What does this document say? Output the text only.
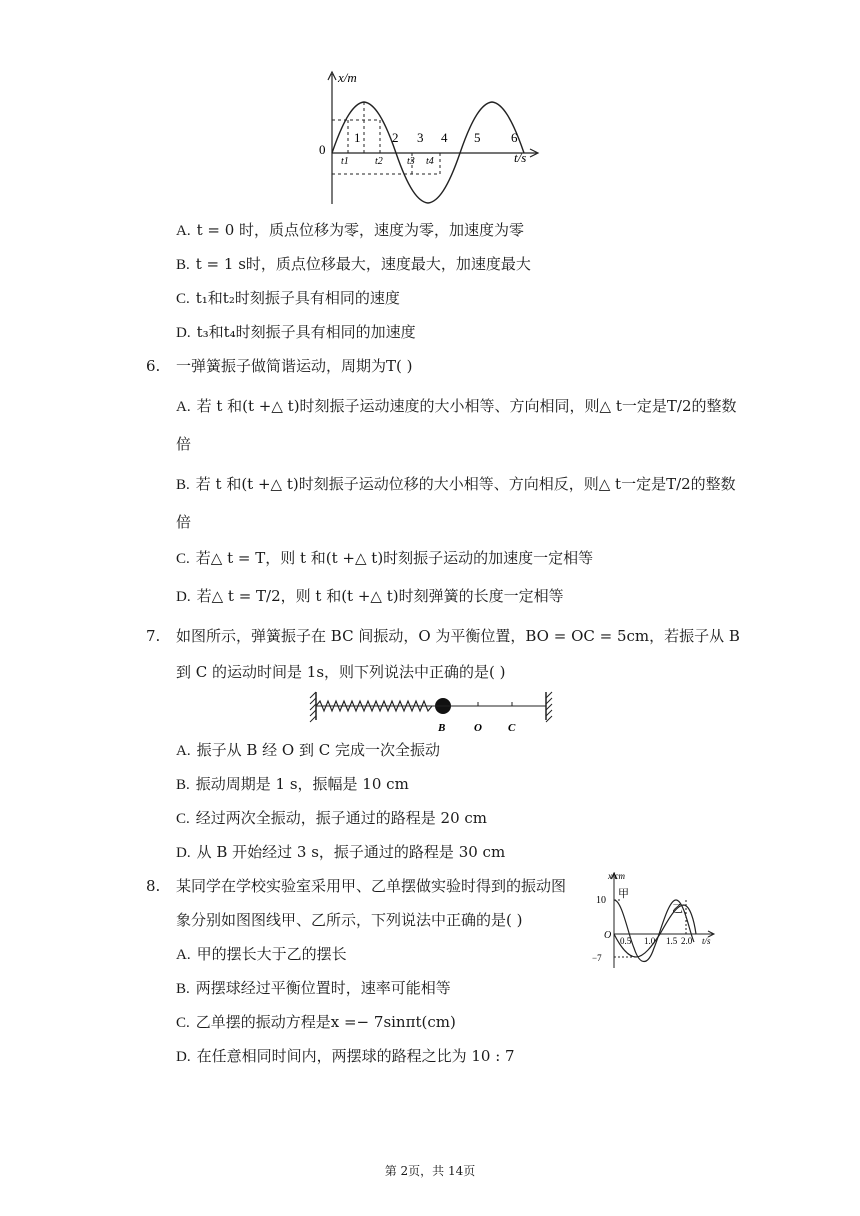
x/m
t/s
0
1 2 3 4 5 6
t1	t2 t3 t4
A. t = 0 时，质点位移为零，速度为零，加速度为零
B. t = 1 s时，质点位移最大，速度最大，加速度最大
C. t₁和t₂时刻振子具有相同的速度
D. t₃和t₄时刻振子具有相同的加速度
6. 一弹簧振子做简谐运动，周期为T( )
A. 若 t 和(t +△ t)时刻振子运动速度的大小相等、方向相同，则△ t一定是T/2的整数
倍
B. 若 t 和(t +△ t)时刻振子运动位移的大小相等、方向相反，则△ t一定是T/2的整数
倍
C. 若△ t = T，则 t 和(t +△ t)时刻振子运动的加速度一定相等
D. 若△ t = T/2，则 t 和(t +△ t)时刻弹簧的长度一定相等
7. 如图所示，弹簧振子在 BC 间振动，O 为平衡位置，BO = OC = 5cm，若振子从 B
到 C 的运动时间是 1s，则下列说法中正确的是( )
B	O C
A. 振子从 B 经 O 到 C 完成一次全振动
B. 振动周期是 1 s，振幅是 10 cm
C. 经过两次全振动，振子通过的路程是 20 cm
D. 从 B 开始经过 3 s，振子通过的路程是 30 cm
8. 某同学在学校实验室采用甲、乙单摆做实验时得到的振动图
象分别如图图线甲、乙所示，下列说法中正确的是( )
A. 甲的摆长大于乙的摆长
B. 两摆球经过平衡位置时，速率可能相等
C. 乙单摆的振动方程是x =− 7sinπt(cm)
D. 在任意相同时间内，两摆球的路程之比为 10 : 7
x/cm
t/s
O
10
−7
0.5 1.0 1.5 2.0
甲
乙
第 2页，共 14页
